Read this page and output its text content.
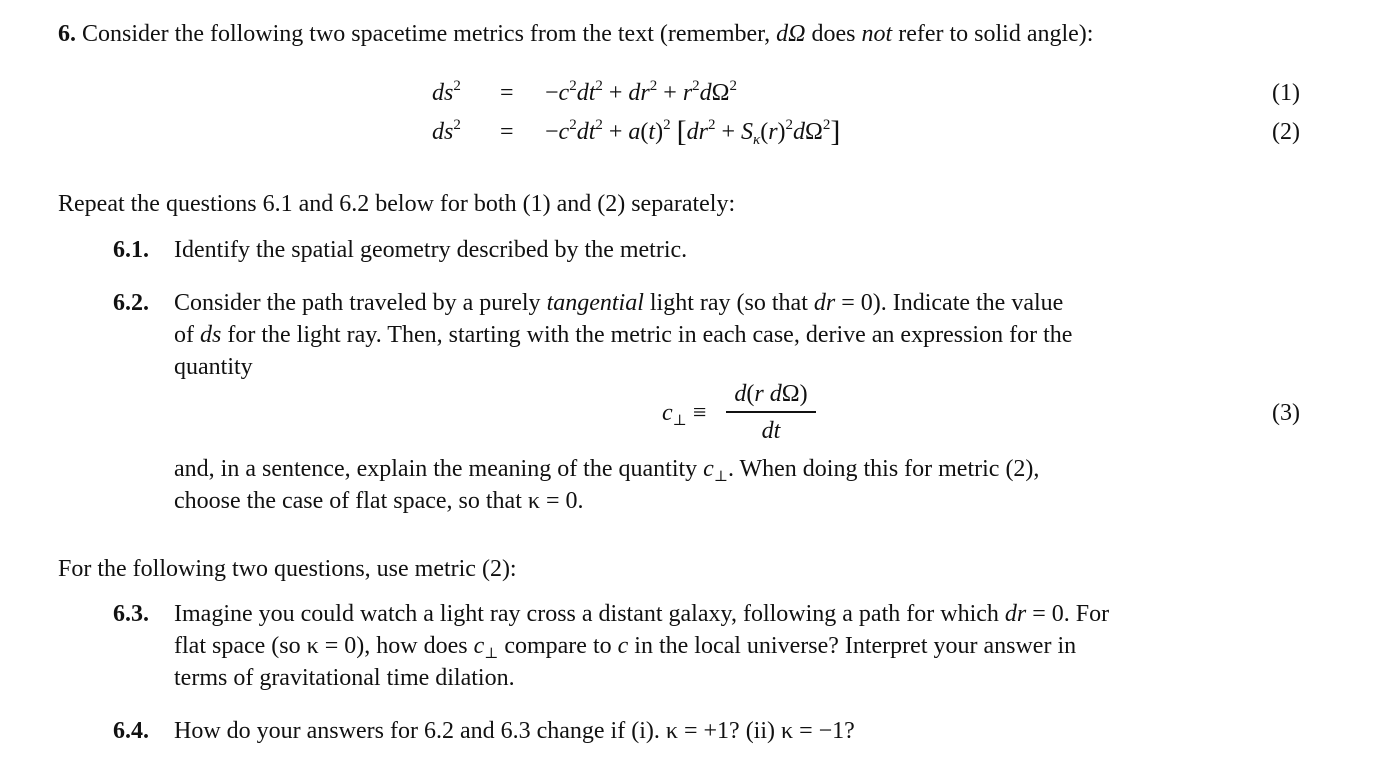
6. Consider the following two spacetime metrics from the text (remember, dΩ does not refer to solid angle):
$ds^2 = -c^2dt^2 + dr^2 + r^2d\Omega^2$	(1)
$ds^2 = -c^2dt^2 + a(t)^2$ $[dr^2 + S_\kappa(r)^2d\Omega^2]$	(2)
Repeat the questions 6.1 and 6.2 below for both (1) and (2) separately:
6.1. Identify the spatial geometry described by the metric.
6.2. Consider the path traveled by a purely tangential light ray (so that dr = 0). Indicate the value
of ds for the light ray. Then, starting with the metric in each case, derive an expression for the
quantity
$c_\perp$ ≡
d(r dΩ)
dt
(3)
and, in a sentence, explain the meaning of the quantity $c_\perp$. When doing this for metric (2),
choose the case of flat space, so that κ = 0.
For the following two questions, use metric (2):
6.3. Imagine you could watch a light ray cross a distant galaxy, following a path for which dr = 0. For
flat space (so κ = 0), how does $c_\perp$ compare to c in the local universe? Interpret your answer in
terms of gravitational time dilation.
6.4. How do your answers for 6.2 and 6.3 change if (i). κ = +1? (ii) κ = −1?
